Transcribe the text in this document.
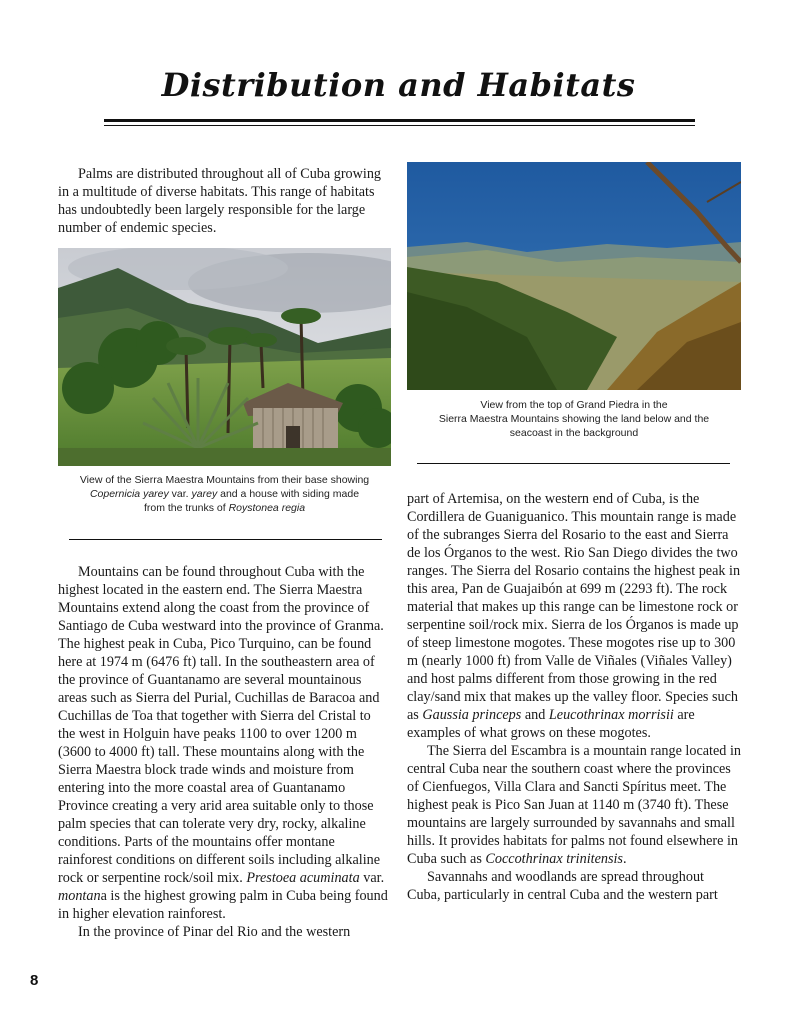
Distribution and Habitats

Palms are distributed throughout all of Cuba growing in a multitude of diverse habitats. This range of habitats has undoubtedly been largely responsible for the large number of endemic species.

View of the Sierra Maestra Mountains from their base showing
Copernicia yarey var. yarey and a house with siding made
from the trunks of Roystonea regia
View from the top of Grand Piedra in the
Sierra Maestra Mountains showing the land below and the
seacoast in the background

Mountains can be found throughout Cuba with the highest located in the eastern end. The Sierra Maestra Mountains extend along the coast from the province of Santiago de Cuba westward into the province of Granma. The highest peak in Cuba, Pico Turquino, can be found here at 1974 m (6476 ft) tall. In the southeastern area of the province of Guantanamo are several mountainous areas such as Sierra del Purial, Cuchillas de Baracoa and Cuchillas de Toa that together with Sierra del Cristal to the west in Holguin have peaks 1100 to over 1200 m (3600 to 4000 ft) tall. These mountains along with the Sierra Maestra block trade winds and moisture from entering into the more coastal area of Guantanamo Province creating a very arid area suitable only to those palm species that can tolerate very dry, rocky, alkaline conditions. Parts of the mountains offer montane rainforest conditions on different soils including alkaline rock or serpentine rock/soil mix. Prestoea acuminata var. montana is the highest growing palm in Cuba being found in higher elevation rainforest.

In the province of Pinar del Rio and the western

part of Artemisa, on the western end of Cuba, is the Cordillera de Guaniguanico. This mountain range is made of the subranges Sierra del Rosario to the east and Sierra de los Órganos to the west. Rio San Diego divides the two ranges. The Sierra del Rosario contains the highest peak in this area, Pan de Guajaibón at 699 m (2293 ft). The rock material that makes up this range can be limestone rock or serpentine soil/rock mix. Sierra de los Órganos is made up of steep limestone mogotes. These mogotes rise up to 300 m (nearly 1000 ft) from Valle de Viñales (Viñales Valley) and host palms different from those growing in the red clay/sand mix that makes up the valley floor. Species such as Gaussia princeps and Leucothrinax morrisii are examples of what grows on these mogotes.

The Sierra del Escambra is a mountain range located in central Cuba near the southern coast where the provinces of Cienfuegos, Villa Clara and Sancti Spíritus meet. The highest peak is Pico San Juan at 1140 m (3740 ft). These mountains are largely surrounded by savannahs and small hills. It provides habitats for palms not found elsewhere in Cuba such as Coccothrinax trinitensis.

Savannahs and woodlands are spread throughout Cuba, particularly in central Cuba and the western part

8
